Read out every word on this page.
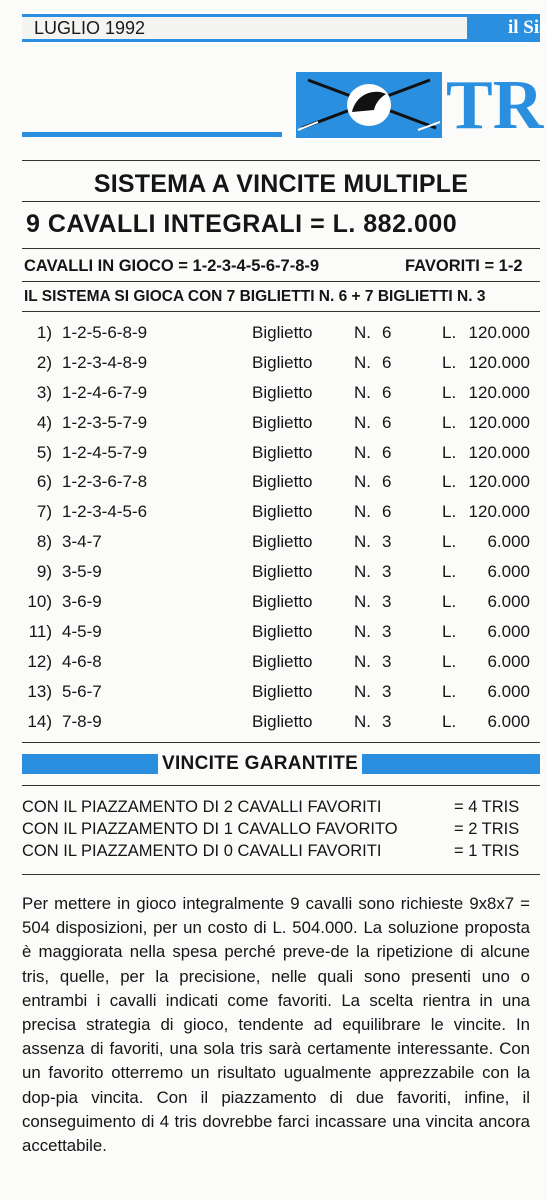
LUGLIO 1992	il Sis
TR
SISTEMA A VINCITE MULTIPLE
9 CAVALLI INTEGRALI = L. 882.000
CAVALLI IN GIOCO = 1-2-3-4-5-6-7-8-9	FAVORITI = 1-2
IL SISTEMA SI GIOCA CON 7 BIGLIETTI N. 6 + 7 BIGLIETTI N. 3
1) 1-2-5-6-8-9	Biglietto N. 6	L. 120.000
2) 1-2-3-4-8-9	Biglietto N. 6	L. 120.000
3) 1-2-4-6-7-9	Biglietto N. 6	L. 120.000
4) 1-2-3-5-7-9	Biglietto N. 6	L. 120.000
5) 1-2-4-5-7-9	Biglietto N. 6	L. 120.000
6) 1-2-3-6-7-8	Biglietto N. 6	L. 120.000
7) 1-2-3-4-5-6	Biglietto N. 6	L. 120.000
8) 3-4-7	Biglietto N. 3	L.	6.000
9) 3-5-9	Biglietto N. 3	L.	6.000
10) 3-6-9	Biglietto N. 3	L.	6.000
11) 4-5-9	Biglietto N. 3	L.	6.000
12) 4-6-8	Biglietto N. 3	L.	6.000
13) 5-6-7	Biglietto N. 3	L.	6.000
14) 7-8-9	Biglietto N. 3	L.	6.000
VINCITE GARANTITE
CON IL PIAZZAMENTO DI 2 CAVALLI FAVORITI	= 4 TRIS
CON IL PIAZZAMENTO DI 1 CAVALLO FAVORITO	= 2 TRIS
CON IL PIAZZAMENTO DI 0 CAVALLI FAVORITI	= 1 TRIS
Per mettere in gioco integralmente 9 cavalli sono richieste 9x8x7 = 504 disposizioni, per un costo di L. 504.000. La soluzione proposta è maggiorata nella spesa perché preve-de la ripetizione di alcune tris, quelle, per la precisione, nelle quali sono presenti uno o entrambi i cavalli indicati come favoriti. La scelta rientra in una precisa strategia di gioco, tendente ad equilibrare le vincite. In assenza di favoriti, una sola tris sarà certamente interessante. Con un favorito otterremo un risultato ugualmente apprezzabile con la dop-pia vincita. Con il piazzamento di due favoriti, infine, il conseguimento di 4 tris dovrebbe farci incassare una vincita ancora accettabile.
